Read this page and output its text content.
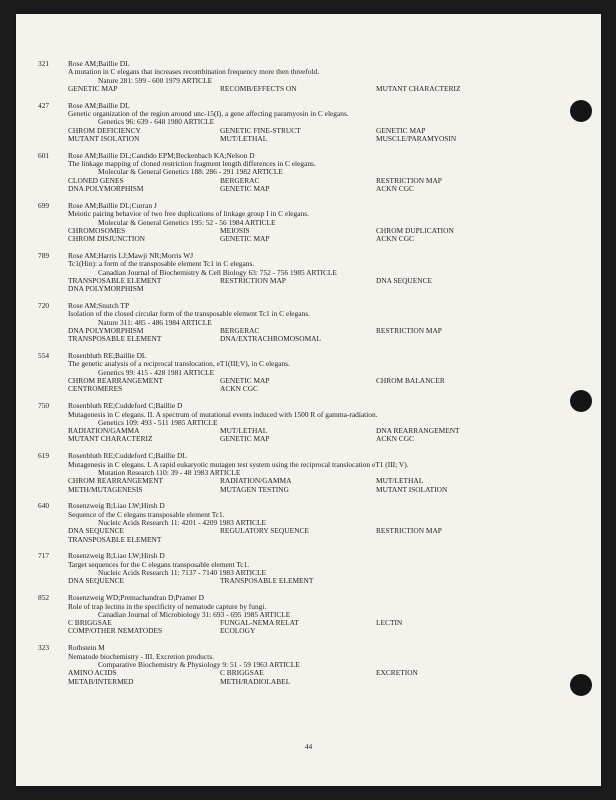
321	Rose AM;Baillie DL
A mutation in C elegans that increases recombination frequency more then threefold.
Nature 281: 599 - 600 1979 ARTICLE
GENETIC MAP	RECOMB/EFFECTS ON	MUTANT CHARACTERIZ
427	Rose AM;Baillie DL
Genetic organization of the region around unc-15(I), a gene affecting paramyosin in C elegans.
Genetics 96: 639 - 648 1980 ARTICLE
CHROM DEFICIENCY	GENETIC FINE-STRUCT	GENETIC MAP
MUTANT ISOLATION	MUT/LETHAL	MUSCLE/PARAMYOSIN
601	Rose AM;Baillie DL;Candido EPM;Beckenbach KA;Nelson D
The linkage mapping of cloned restriction fragment length differences in C elegans.
Molecular & General Genetics 188: 286 - 291 1982 ARTICLE
CLONED GENES	BERGERAC	RESTRICTION MAP
DNA POLYMORPHISM	GENETIC MAP	ACKN CGC
699	Rose AM;Baillie DL;Curran J
Meiotic pairing behavior of two free duplications of linkage group I in C elegans.
Molecular & General Genetics 195: 52 - 56 1984 ARTICLE
CHROMOSOMES	MEIOSIS	CHROM DUPLICATION
CHROM DISJUNCTION	GENETIC MAP	ACKN CGC
789	Rose AM;Harris LJ;Mawji NR;Morris WJ
Tc1(Hin): a form of the transposable element Tc1 in C elegans.
Canadian Journal of Biochemistry & Cell Biology 63: 752 - 756 1985 ARTICLE
TRANSPOSABLE ELEMENT	RESTRICTION MAP	DNA SEQUENCE
DNA POLYMORPHISM
720	Rose AM;Snutch TP
Isolation of the closed circular form of the transposable element Tc1 in C elegans.
Nature 311: 485 - 486 1984 ARTICLE
DNA POLYMORPHISM	BERGERAC	RESTRICTION MAP
TRANSPOSABLE ELEMENT	DNA/EXTRACHROMOSOMAL
554	Rosenbluth RE;Baillie DL
The genetic analysis of a reciprocal translocation, eT1(III;V), in C elegans.
Genetics 99: 415 - 428 1981 ARTICLE
CHROM REARRANGEMENT	GENETIC MAP	CHROM BALANCER
CENTROMERES	ACKN CGC
750	Rosenbluth RE;Cuddeford C;Baillie D
Mutagenesis in C elegans. II. A spectrum of mutational events induced with 1500 R of gamma-radiation.
Genetics 109: 493 - 511 1985 ARTICLE
RADIATION/GAMMA	MUT/LETHAL	DNA REARRANGEMENT
MUTANT CHARACTERIZ	GENETIC MAP	ACKN CGC
619	Rosenbluth RE;Cuddeford C;Baillie DL
Mutagenesis in C elegans. I. A rapid eukaryotic mutagen test system using the reciprocal translocation eT1 (III; V).
Mutation Research 110: 39 - 48 1983 ARTICLE
CHROM REARRANGEMENT	RADIATION/GAMMA	MUT/LETHAL
METH/MUTAGENESIS	MUTAGEN TESTING	MUTANT ISOLATION
640	Rosenzweig B;Liao LW;Hirsh D
Sequence of the C elegans transposable element Tc1.
Nucleic Acids Research 11: 4201 - 4209 1983 ARTICLE
DNA SEQUENCE	REGULATORY SEQUENCE	RESTRICTION MAP
TRANSPOSABLE ELEMENT
717	Rosenzweig B;Liao LW;Hirsh D
Target sequences for the C elegans transposable element Tc1.
Nucleic Acids Research 11: 7137 - 7140 1983 ARTICLE
DNA SEQUENCE	TRANSPOSABLE ELEMENT
852	Rosenzweig WD;Premachandran D;Pramer D
Role of trap lectins in the specificity of nematode capture by fungi.
Canadian Journal of Microbiology 31: 693 - 695 1985 ARTICLE
C BRIGGSAE	FUNGAL-NEMA RELAT	LECTIN
COMP/OTHER NEMATODES	ECOLOGY
323	Rothstein M
Nematode biochemistry - III. Excretion products.
Comparative Biochemistry & Physiology 9: 51 - 59 1963 ARTICLE
AMINO ACIDS	C BRIGGSAE	EXCRETION
METAB/INTERMED	METH/RADIOLABEL
44
